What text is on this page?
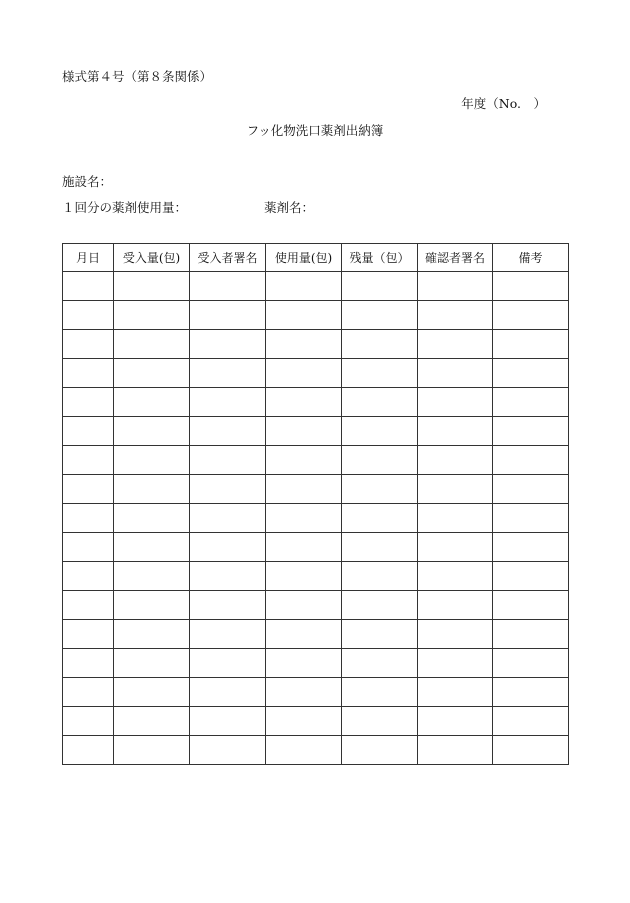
様式第４号（第８条関係）
年度（No.　）
フッ化物洗口薬剤出納簿
施設名：
１回分の薬剤使用量：	薬剤名：
月日	受入量(包)	受入者署名	使用量(包)	残量（包）	確認者署名	備考
